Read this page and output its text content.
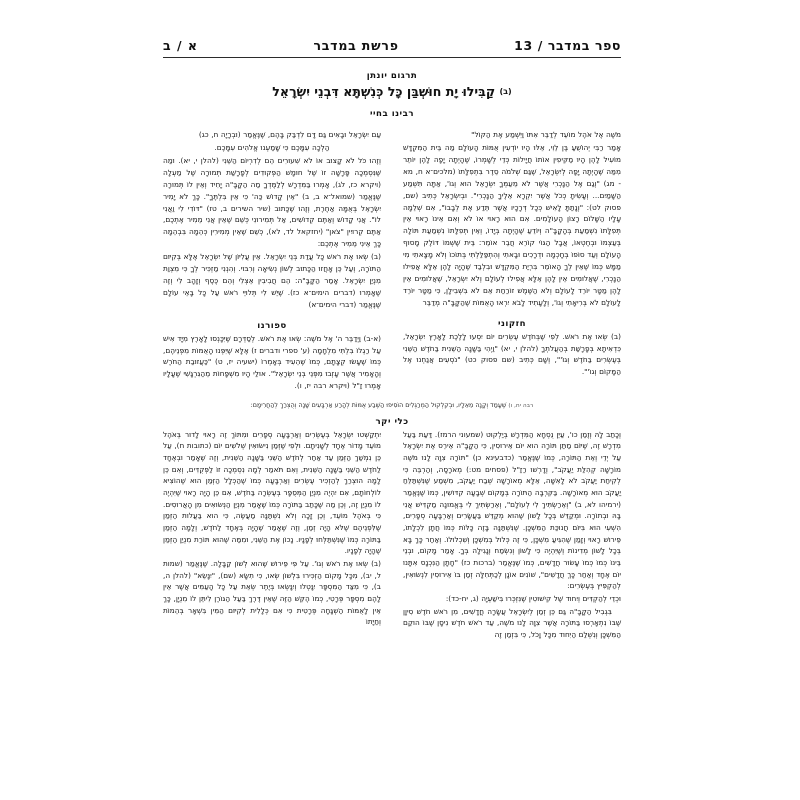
א / ב	פרשת במדבר	ספר במדבר / 13
תרגום יונתן
(ב) קַבִּילוּ יָת חוּשְׁבַּן כָּל כְּנִשְׁתָּא דִּבְנֵי יִשְׂרָאֵל
רבינו בחיי

מֹשֶׁה אֶל אֹהֶל מוֹעֵד לְדַבֵּר אִתּוֹ וַיִּשְׁמַע אֶת הַקּוֹל"

אָמַר רַבִּי יְהוֹשֻׁעַ בֶּן לֵוִי, אֵלּוּ הָיוּ יוֹדְעִין אֻמּוֹת הָעוֹלָם מַה בֵּית הַמִּקְדָּשׁ מוֹעִיל לָהֶן הָיוּ מַקִּיפִין אוֹתוֹ חֲיָילוֹת כְּדֵי לְשָׁמְרוֹ, שֶׁהָיְתָה יָפָה לָהֶן יוֹתֵר מִמַּה שֶּׁהָיְתָה יָפָה לְיִשְׂרָאֵל, שֶׁגַּם שְׁלֹמֹה סֵדֶר בִּתְפִלָּתוֹ (מלכים־א ח, מא - מג) "וְגַם אֶל הַנָּכְרִי אֲשֶׁר לֹא מֵעַמְּךָ יִשְׂרָאֵל הוּא וְגוֹ', אַתָּה תִּשְׁמַע הַשָּׁמַיִם... וְעָשִׂיתָ כְּכֹל אֲשֶׁר יִקְרָא אֵלֶיךָ הַנָּכְרִי". וּבְיִשְׂרָאֵל כְּתִיב (שם, פסוק לט): "וְנָתַתָּ לָאִישׁ כְּכָל דְּרָכָיו אֲשֶׁר תֵּדַע אֶת לְבָבוֹ", אִם שְׁלֵמָה עָלָיו הַשָּׁלוֹם רָצוֹן הָעוֹלָמִים. אִם הוּא רָאוּי אוֹ לֹא וְאִם אֵינוֹ רָאוּי אֵין תְּפִלָּתוֹ נִשְׁמַעַת בְּהָקָבָּ"ה וְיוֹדֵעַ שֶׁהָיְתָה בְּיָדוֹ, וְאֵין תְּפִלָּתוֹ נִשְׁמַעַת תּוֹלָה בְּעַצְמוֹ וּבְחֶטְאוֹ, אֲבָל הַגּוֹי קוֹרֵא חֲבֵר אוֹמֵר: בֵּית שֶׁשְּׁמוֹ דּוֹלֶק מָסוּף הָעוֹלָם וְעַד סוֹפוֹ בְּחָכְמָה וּדְרָכִים וּבָאתִי וְהִתְפַּלַּלְתִּי בְּתוֹכוֹ וְלֹא מָצָאתִי מִי מַמָּשׁ כְּמוֹ שֶׁאֵין לְךָ הָאוֹמֵר בִּרְיַת הַמִּקְדָּשׁ וּבִלְבַד שֶׁהָיָה לָהֶן אֵלָּא אֲפִילוּ הַנָּכְרִי, שֶׁאֲלוּמִים אֵין לָהֶן אֵלָּא אֲפִילוּ לְעוֹלָם וְלֹא יִשְׂרָאֵל, שֶׁאֲלוּמִים אֵין לָהֶן מַטָּר יוֹרֵד לָעוֹלָם וְלֹא הַשֶּׁמֶשׁ זוֹרַחַת אֵם לֹא בִּשְׁבִילָן, כִּי מַטָּר יוֹרֵד לָעוֹלָם לֹא בְּרִיאָתִי וְגוֹ', וְלָעָתִיד לָבֹא יִרְאוּ הָאֻמּוֹת שֶׁהַקָּבָּ"ה מְדַבֵּר

חזקוני

(ב) שְׂאוּ אֶת רֹאשׁ. לְפִי שֶׁבְּחֹדֶשׁ עֶשְׂרִים יוֹם יִסְעוּ לָלֶכֶת לָאָרֶץ יִשְׂרָאֵל, כִּדְאִיתָא בְּפָרָשַׁת בְּהַעֲלֹתְךָ (להלן י, יא) "וַיְהִי בַּשָּׁנָה הַשֵּׁנִית בַּחֹדֶשׁ הַשֵּׁנִי בְּעֶשְׂרִים בַּחֹדֶשׁ וְגוֹ'", וְשָׁם כְּתִיב (שם פסוק כט) "נֹסְעִים אֲנַחְנוּ אֶל הַמָּקוֹם וְגוֹ'".

עַם יִשְׂרָאֵל וּבָאִים גַּם דָּם לִדְבַּק בָּהֶם, שֶׁנֶּאֱמַר (וּבְרָיָה ח, כג)

הַלְכָה עִמָּכֶם כִּי שָׁמַעְנוּ אֱלֹהִים עִמָּכֶם.

וְזֶהוּ כֹּל לֹא קָצוּב אוֹ לֹא שִׁעוּרִים הֵם לְדִרְיוֹם הַשֵּׁנִי (להלן י, יא). וּמַה שֶּׁנִּסְמְכָה פָּרָשָׁה זוֹ שֶׁל חוּמָשׁ הַפְּקוּדִים לְפָרָשַׁת תְּמוּרָה שֶׁל מַעְלָה (ויקרא כז, לג), אָמְרוּ בַּמִּדְרָשׁ לְלַמֶּדְךָ מַה הַקָּבָּ"ה יָחִיד וְאֵין לוֹ תְּמוּרָה שֶׁנֶּאֱמַר (שמואל־א ב, ב) "אֵין קָדוֹשׁ כַּה' כִּי אֵין בִּלְתֶּךָ". כָּךְ לֹא יָמִיר יִשְׂרָאֵל בְּאֻמָּה אַחֶרֶת, וְזֶהוּ שֶׁכָּתוּב (שיר השירים ב, טז) "דּוֹדִי לִי וַאֲנִי לוֹ". אֲנִי קָדוֹשׁ וְאַתֶּם קְדוֹשִׁים, אַל תְּמִירוּנִי כְּשֵׁם שֶׁאֵין אֲנִי מֵמִיר אֶתְכֶם, אַתֶּם קְרוּיִין "צֹאן" (יחזקאל לד, לא), כְּשֵׁם שֶׁאֵין מְמִירִין כְּהֵמָה בִּבְהֵמָה כָּךְ אֵינִי מֵמִיר אֶתְכֶם:

(ב) שְׂאוּ אֶת רֹאשׁ כָּל עֲדַת בְּנֵי יִשְׂרָאֵל. אֵין עֲלִיּוֹן שֶׁל יִשְׂרָאֵל אֶלָּא בְּקִיּוּם הַתּוֹרָה, וְעַל כֵּן אָחֲזוּ הַכָּתוּב לְשׁוֹן נְשִׂיאָה וְרִבּוּי. וְהִנְנִי מַזְכִּיר לְךָ כִּי מִצְוַת מִנְיַן יִשְׂרָאֵל. אָמַר הַקָּבָּ"ה: הֵם חֲבִיבִין אֵצְלִי וְהֵם כֶּסֶף וְזָהָב לִי וְזֶה שֶׁאָמְרוּ (דברים הימים־א כז). שֶׁיֵּשׁ לִי תְּלוּיֵי רֹאשׁ עַל כָּל בָּאֵי עוֹלָם שֶׁנֶּאֱמַר (דברי הימים־א)

ספורנו

(א-ב) וַיְדַבֵּר ה' אֶל מֹשֶׁה: שְׂאוּ אֶת רֹאשׁ. לְסַדְּרָם שֶׁיִּכָּנְסוּ לָאָרֶץ מִיָּד אִישׁ עַל רַגְלוֹ בִּלְתִּי מִלְחָמָה (ע' ספרי ודברים ז) אֶלָּא שֶׁיִּפְּנוּ הָאֻמּוֹת מִפְּנֵיהֶם, כְּמוֹ שֶׁעָשׂוּ קְצָתָם, כְּמוֹ שֶׁהֵעִיד בְּאָמְרוֹ (ישעיה יז, ט) "כַּעֲזוּבַת הַחֹרֶשׁ וְהָאָמִיר אֲשֶׁר עָזְבוּ מִפְּנֵי בְּנֵי יִשְׂרָאֵל". אוּלַי הָיוּ מִשְׁפָּחוֹת מֵהַגִּרְגָּשִׁי שֶׁעָלָיו אָמְרוּ זַ"ל (ויקרא רבה יז, ו).

רבה יח, ו) שֶׁעָמַד וְקָנָה מֵאֵלָיו, וּבְקִלְקוּל הַמְרַגְּלִים הוֹסִיפוּ הַשֶּׁבַע אֻמּוֹת לְהָרַע אַרְבָּעִים שָׁנָה וְהֻצְרַךְ לְהַחֲרִימָם:
כלי יקר

וְכָתַב לָהּ וְזֶמַן כו', עַיֵּן נֻסְחָא הַמִּדְרָשׁ בְּיַלְקוּט (שמעוני הרמז). דַּעַת בַּעַל מִדְרָשׁ זֶה, שֶׁיּוֹם מַתַּן תּוֹרָה הוּא יוֹם אֵירוּסִין, כִּי הַקָּבָּ"ה אֵירֵס אֶת יִשְׂרָאֵל עַל יְדֵי וְאֵת הַתּוֹרָה, כְּמוֹ שֶׁנֶּאֱמַר (כדבעינא כן) "תּוֹרָה צִוָּה לָנוּ מֹשֶׁה מוֹרָשָׁה קְהִלַּת יַעֲקֹב", וְדָרְשׁוּ רַזַ"ל (פסחים מט:) מְאֹרָסָה, וְהַרְבֵּה כִּי לְקִיחַת יַעֲקֹב לֹא לָאִשָּׁה, אֵלָּא מְאוֹרָשָׁה שְׁבַח יַעֲקֹב, מִשְׁמַע שֶׁנִּשְׁתַּלֵּחַ יַעֲקֹב הוּא מְאוֹרָשָׁה. בַּקִּרְבָּה הַתּוֹרָה בְּמָקוֹם שְׁבָעָה קִדּוּשִׁין, כְּמוֹ שֶׁנֶּאֱמַר (ירמיהו לא, ב) "וְאֵרַשְׂתִּיךְ לִי לְעוֹלָם", וְאֵרַשְׂתִּיךְ לִי בְּאֱמוּנָה מַקְדִּישׁ אֲנִי בָּהּ וּבְתוֹרָה. וּמְקַדֵּשׁ בְּכָל לָשׁוֹן שֶׁהוּא מְקַדֵּשׁ בַּעֲשָׂרִים וְאַרְבָּעָה סְפָרִים, הִשְׁעִי הוּא בִּיּוֹם חֲנוּכַּת הַמִּשְׁכָּן. שֶׁנִּשְׁתַּנָּה בָּזֶה כָּלּוֹת כְּמוֹ חֲתָן לִכְלָתוֹ, פֵּירוּשׁ רָאוּי וְזָמַן שֶׁהִגִּיעַ מִשְׁכָּן, כִּי זֶה כְּלוּל בְּמִשְׁכָּן וְשִׁכְלוּלוֹ. וְאַחַר כָּךְ בָּא בְּכָל לָשׁוֹן מְדִינוֹת וְשֶׁיִּהְיֶה כִּי לָשׁוֹן וְנִשְׂמַח וְנָגִילָה בְּךָ. אָמַר מָקוֹם, וּבְנֵי בֵּינוֹ כְּמוֹ כְּמוֹ עָשׂוּר חֲדָשִׁים, כְּמוֹ שֶׁנֶּאֱמַר (ברכות כז) "חָתָן הַנִּכְנָס אִתָּנוּ יוֹם אֶחָד וְאַחַר כָּךְ חֲדָשִׁים", שׁוֹנִים אוֹנָן לְכַתְּחִלָּה זְמַן בּוֹ אֵירוּסִין לִנְשׂוּאִין, לְהַקְפִּיץ בְּעֶשְׂרִים:

וּכְדֵי לְהַקְדִּים וְיִחוּד שֶׁל קִישּׁוּטִין שֶׁנִּזְכְּרוּ בִּישַׁעְיָה (ג, יח-כד):

בִּגְבִיל הַקָּבָּ"ה גַּם כֵּן זְמַן לְיִשְׂרָאֵל עֲשָׂרָה חֳדָשִׁים, מִן רֹאשׁ חֹדֶשׁ סִיוָן שֶׁבּוֹ נִתְאָרְסוּ בַּתּוֹרָה אֲשֶׁר צִוָּה לָנוּ מֹשֶׁה, עַד רֹאשׁ חֹדֶשׁ נִיסָן שֶׁבּוֹ הוּקַם הַמִּשְׁכָּן וְנִשְׁלַם הַיִּחוּד מִכָּל וָכֹל, כִּי בִּזְמַן זֶה

יִתְקַשְּׁטוּ יִשְׂרָאֵל בְּעֶשְׂרִים וְאַרְבָּעָה סְפָרִים וּמִתּוֹךְ זֶה רָאוּי לָדוּר בְּאֹהֶל מוֹעֵד מָדוֹר אֶחָד לְשָׁנִיתָם. וּלְפִי שֶׁזְּמַן נִישּׂוּאִין שְׁלֹשִׁים יוֹם (כתובות ח), עַל כֵּן נִמְשַׁךְ הַזְּמַן עַד אַחַר לְחֹדֶשׁ הַשֵּׁנִי בַּשָּׁנָה הַשֵּׁנִית, וְזֶה שֶׁאָמַר וּבְאֶחָד לַחֹדֶשׁ הַשֵּׁנִי בַּשָּׁנָה הַשֵּׁנִית, וְאִם תֹּאמַר לְמָה נִסְמְכָה זוֹ לַפְּקֻדִּים, וְאִם כֵּן לָמָה הוּצְרַךְ לְהַזְכִּיר עֶשְׂרִים וְאַרְבָּעָה כְּמוֹ שֶׁהַכְּלָל הַזְּמַן הוּא שֶׁהוֹצִיא לוֹלְחוֹתָם, אִם יִהְיֶה מִנְיַן הַמְּסֻפָּר בְּעֶשְׂרָה בַּחֹדֶשׁ, אִם כֵּן הָיָה רָאוּי שֶׁיִּהְיֶה לוֹ מִנְיַן זֶה, וְכֵן מַה שֶּׁכָּתַב בַּתּוֹרָה כְּמוֹ שֶׁאָמַר מִנְיַן הַנְּשׂוּאִים מִן הָאֲרוּסִים. כִּי בְּאֹהֶל מוֹעֵד, וְכֵן זָכָה וְלֹא נִשְׁתַּנָּה מַעֲשֶׂה, כִּי הוּא בַּעֲלוּת הַזְּמַן שֶׁלִּפְנֵיהֶם שֶׁלֹּא הָיָה זְמַן, וְזֶה שֶׁאָמַר שֶׁהָיָה בְּאֶחָד לַחֹדֶשׁ, וְלָמָה הַזְּמַן בַּתּוֹרָה כְּמוֹ שֶׁנִּשְׁתַּלְּחוּ לְפָנָיו. נָכוֹן אֶת הַשֵּׁנִי, וּמִמַּה שֶּׁהוּא תּוֹרַת מִנְיַן הַזְּמַן שֶׁהָיָה לְפָנָיו.

(ב) שְׂאוּ אֶת רֹאשׁ וְגוֹ'. עַל פִּי פֵּירוּשׁ שֶׁהוּא לְשׁוֹן קַבָּלָה. שֶׁנֶּאֱמַר (שמות ל, יב), מִכָּל מָקוֹם הַזְכִּירוּ בִּלְשׁוֹן שְׂאוּ, כִּי תִשָּׂא (שם), "יִנָּשֵׂא" (להלן ה, ב), כִּי מִצַּד הַמִּסְפָּר יִנָּטְלוּ וְיִנָּשְׂאוּ בְּיֶתֶר שְׂאֵת עַל כָּל הָעַמִּים אֲשֶׁר אֵין לָהֶם מִסְפָּר פְּרָטִי, כְּמוֹ הֶקֵּשׁ הַזֶּה שֶׁאֵין דֶּרֶךְ בַּעַל הַגּוֹרֶן לִיתֵּן לוֹ מִנְיָן, כָּךְ אֵין לָאֻמּוֹת הַשְׁגָּחָה פְּרָטִית כִּי אִם כְּלָלִית לְקִיּוּם הַמִּין בִּשְׁאָר בְּהֵמוֹת וְחַיָּתוֹ
